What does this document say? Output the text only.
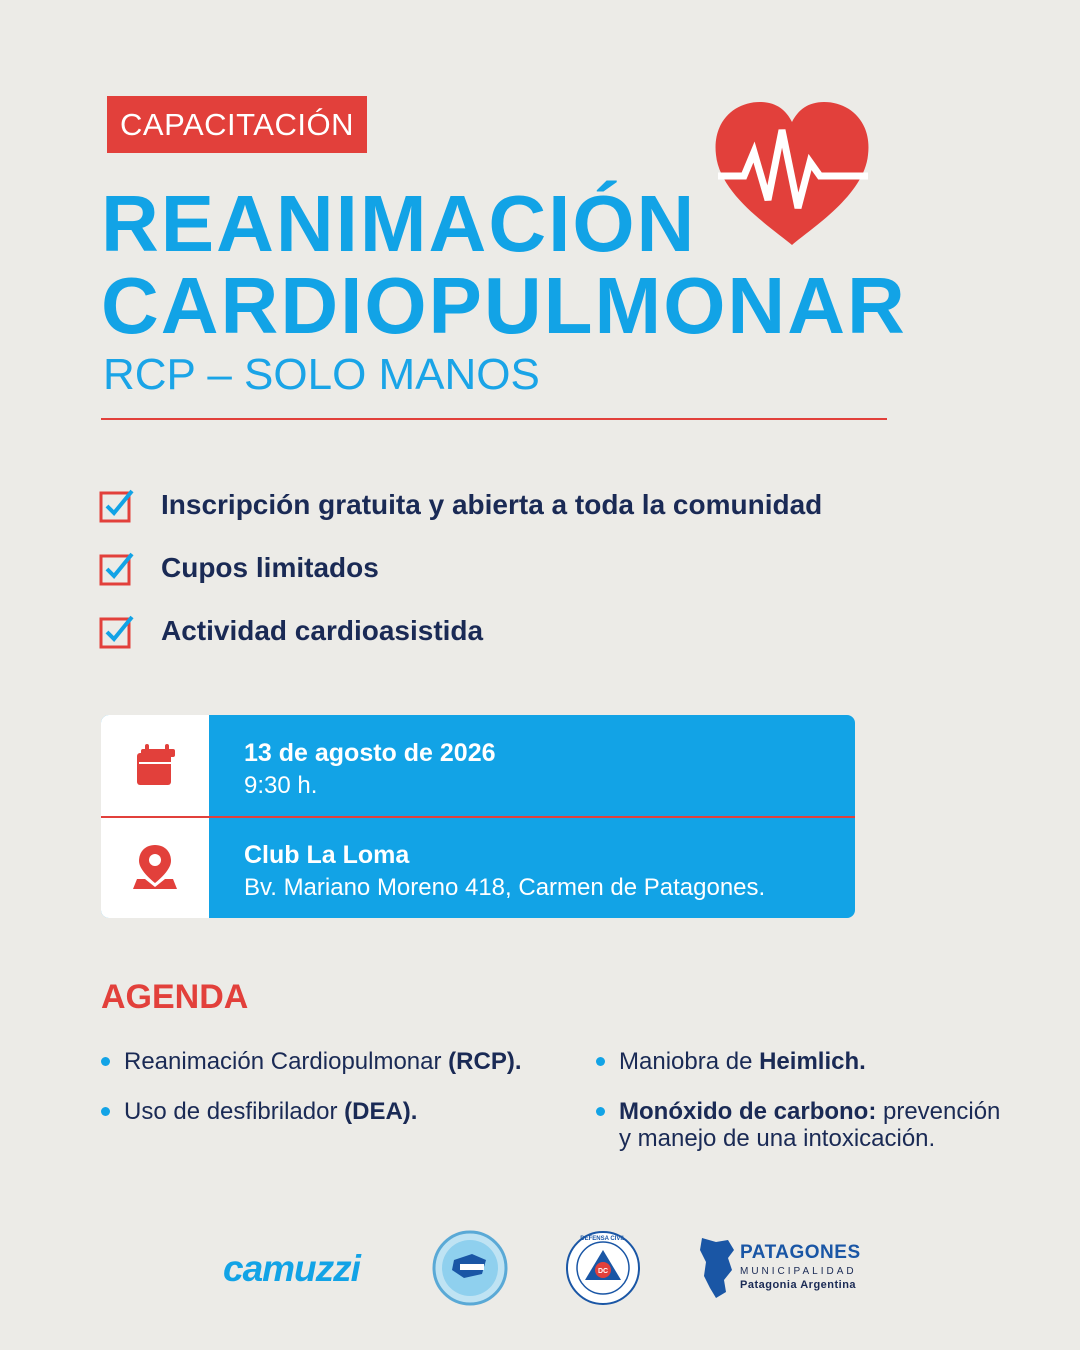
CAPACITACIÓN
REANIMACIÓN
CARDIOPULMONAR
RCP – SOLO MANOS
Inscripción gratuita y abierta a toda la comunidad
Cupos limitados
Actividad cardioasistida
13 de agosto de 2026
9:30 h.
Club La Loma
Bv. Mariano Moreno 418, Carmen de Patagones.
AGENDA
Reanimación Cardiopulmonar (RCP).
Uso de desfibrilador (DEA).
Maniobra de Heimlich.
Monóxido de carbono: prevención
y manejo de una intoxicación.
camuzzi	DC
DEFENSA CIVIL
PATAGONES
MUNICIPALIDAD
Patagonia Argentina
